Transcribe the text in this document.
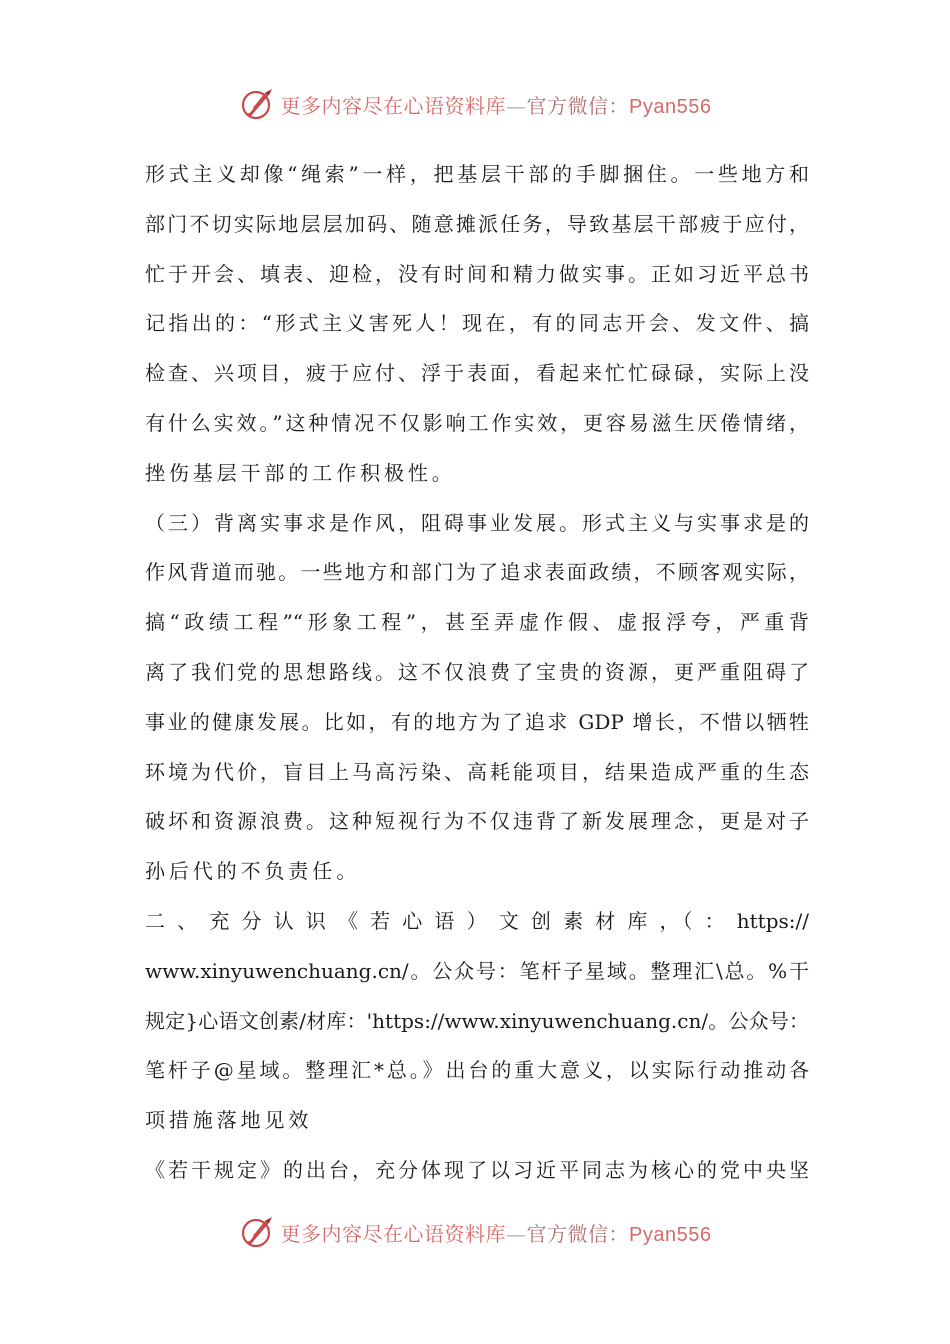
更多内容尽在心语资料库—官方微信：Pyan556
形式主义却像“绳索”一样，把基层干部的手脚捆住。一些地方和
部门不切实际地层层加码、随意摊派任务，导致基层干部疲于应付，
忙于开会、填表、迎检，没有时间和精力做实事。正如习近平总书
记指出的：“形式主义害死人！现在，有的同志开会、发文件、搞
检查、兴项目，疲于应付、浮于表面，看起来忙忙碌碌，实际上没
有什么实效。”这种情况不仅影响工作实效，更容易滋生厌倦情绪，
挫伤基层干部的工作积极性。
（三）背离实事求是作风，阻碍事业发展。形式主义与实事求是的
作风背道而驰。一些地方和部门为了追求表面政绩，不顾客观实际，
搞“政绩工程”“形象工程”，甚至弄虚作假、虚报浮夸，严重背
离了我们党的思想路线。这不仅浪费了宝贵的资源，更严重阻碍了
事业的健康发展。比如，有的地方为了追求 GDP 增长，不惜以牺牲
环境为代价，盲目上马高污染、高耗能项目，结果造成严重的生态
破坏和资源浪费。这种短视行为不仅违背了新发展理念，更是对子
孙后代的不负责任。
二 、 充 分 认 识 《 若 心 语 ） 文 创 素 材 库 ，（ ： https://
www.xinyuwenchuang.cn/。公众号：笔杆子星域。整理汇\总。%干
规定}心语文创素/材库：'https://www.xinyuwenchuang.cn/。公众号：
笔杆子@星域。整理汇*总。》出台的重大意义，以实际行动推动各
项措施落地见效
《若干规定》的出台，充分体现了以习近平同志为核心的党中央坚
更多内容尽在心语资料库—官方微信：Pyan556
